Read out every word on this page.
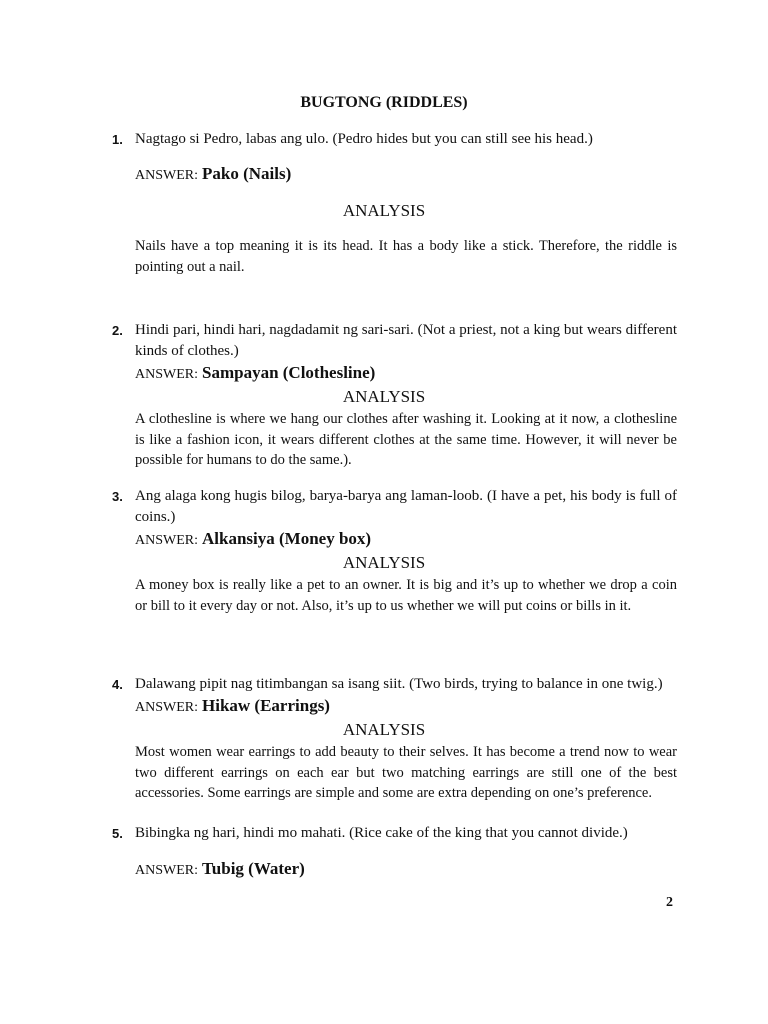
BUGTONG (RIDDLES)
1. Nagtago si Pedro, labas ang ulo. (Pedro hides but you can still see his head.)

ANSWER: Pako (Nails)

ANALYSIS

Nails have a top meaning it is its head. It has a body like a stick. Therefore, the riddle is pointing out a nail.

2. Hindi pari, hindi hari, nagdadamit ng sari-sari. (Not a priest, not a king but wears different kinds of clothes.)

ANSWER: Sampayan (Clothesline)

ANALYSIS

A clothesline is where we hang our clothes after washing it. Looking at it now, a clothesline is like a fashion icon, it wears different clothes at the same time. However, it will never be possible for humans to do the same.).

3. Ang alaga kong hugis bilog, barya-barya ang laman-loob. (I have a pet, his body is full of coins.)

ANSWER: Alkansiya (Money box)

ANALYSIS

A money box is really like a pet to an owner. It is big and it’s up to whether we drop a coin or bill to it every day or not. Also, it’s up to us whether we will put coins or bills in it.

4. Dalawang pipit nag titimbangan sa isang siit. (Two birds, trying to balance in one twig.)

ANSWER: Hikaw (Earrings)

ANALYSIS

Most women wear earrings to add beauty to their selves. It has become a trend now to wear two different earrings on each ear but two matching earrings are still one of the best accessories. Some earrings are simple and some are extra depending on one’s preference.

5. Bibingka ng hari, hindi mo mahati. (Rice cake of the king that you cannot divide.)

ANSWER: Tubig (Water)

2
